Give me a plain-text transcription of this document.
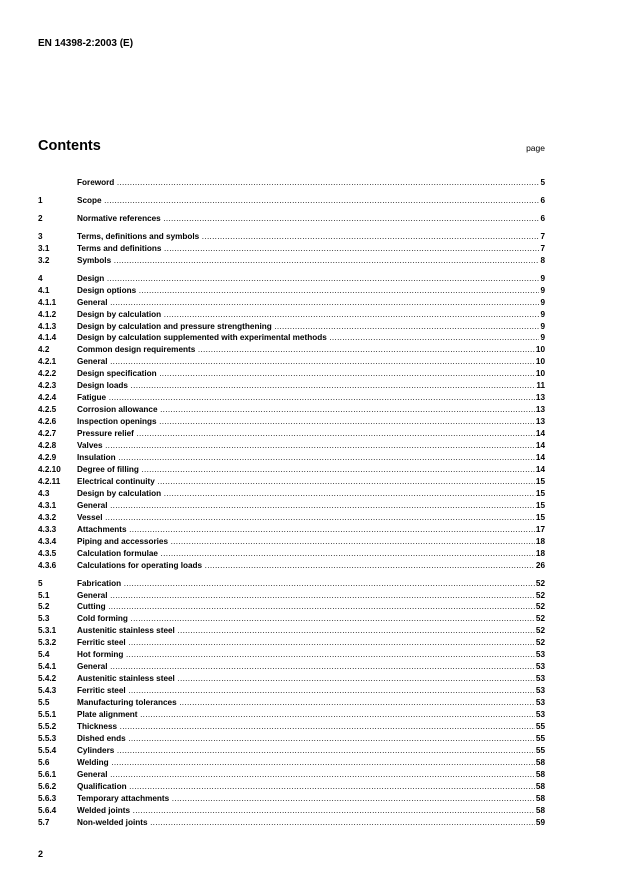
EN 14398-2:2003 (E)
Contents	page
Foreword .....	5
1	Scope .....	6
2	Normative references .....	6
3	Terms, definitions and symbols .....	7
3.1	Terms and definitions .....	7
3.2	Symbols .....	8
4	Design .....	9
4.1	Design options .....	9
4.1.1	General .....	9
4.1.2	Design by calculation .....	9
4.1.3	Design by calculation and pressure strengthening .....	9
4.1.4	Design by calculation supplemented with experimental methods .....	9
4.2	Common design requirements .....	10
4.2.1	General .....	10
4.2.2	Design specification .....	10
4.2.3	Design loads .....	11
4.2.4	Fatigue .....	13
4.2.5	Corrosion allowance .....	13
4.2.6	Inspection openings .....	13
4.2.7	Pressure relief .....	14
4.2.8	Valves .....	14
4.2.9	Insulation .....	14
4.2.10	Degree of filling .....	14
4.2.11	Electrical continuity .....	15
4.3	Design by calculation .....	15
4.3.1	General .....	15
4.3.2	Vessel .....	15
4.3.3	Attachments .....	17
4.3.4	Piping and accessories .....	18
4.3.5	Calculation formulae .....	18
4.3.6	Calculations for operating loads .....	26
5	Fabrication .....	52
5.1	General .....	52
5.2	Cutting .....	52
5.3	Cold forming .....	52
5.3.1	Austenitic stainless steel .....	52
5.3.2	Ferritic steel .....	52
5.4	Hot forming .....	53
5.4.1	General .....	53
5.4.2	Austenitic stainless steel .....	53
5.4.3	Ferritic steel .....	53
5.5	Manufacturing tolerances .....	53
5.5.1	Plate alignment .....	53
5.5.2	Thickness .....	55
5.5.3	Dished ends .....	55
5.5.4	Cylinders .....	55
5.6	Welding .....	58
5.6.1	General .....	58
5.6.2	Qualification .....	58
5.6.3	Temporary attachments .....	58
5.6.4	Welded joints .....	58
5.7	Non-welded joints .....	59
2
